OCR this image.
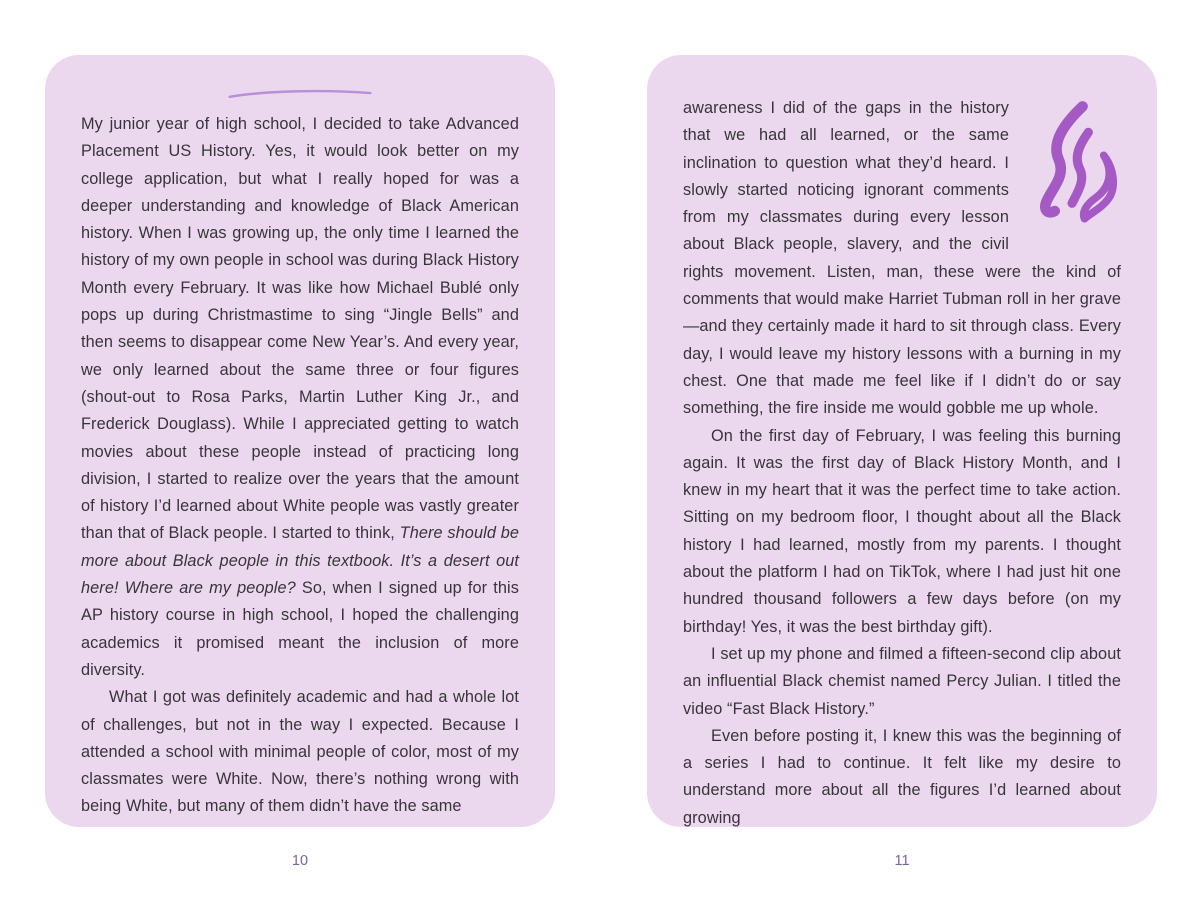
My junior year of high school, I decided to take Advanced Placement US History. Yes, it would look better on my college application, but what I really hoped for was a deeper understanding and knowledge of Black American history. When I was growing up, the only time I learned the history of my own people in school was during Black History Month every February. It was like how Michael Bublé only pops up during Christmastime to sing “Jingle Bells” and then seems to disappear come New Year’s. And every year, we only learned about the same three or four figures (shout-out to Rosa Parks, Martin Luther King Jr., and Frederick Douglass). While I appreciated getting to watch movies about these people instead of practicing long division, I started to realize over the years that the amount of history I’d learned about White people was vastly greater than that of Black people. I started to think, There should be more about Black people in this textbook. It’s a desert out here! Where are my people? So, when I signed up for this AP history course in high school, I hoped the challenging academics it promised meant the inclusion of more diversity.

What I got was definitely academic and had a whole lot of challenges, but not in the way I expected. Because I attended a school with minimal people of color, most of my classmates were White. Now, there’s nothing wrong with being White, but many of them didn’t have the same

awareness I did of the gaps in the history that we had all learned, or the same inclination to question what they’d heard. I slowly started noticing ignorant comments from my classmates during every lesson about Black people, slavery, and the civil rights movement. Listen, man, these were the kind of comments that would make Harriet Tubman roll in her grave—and they certainly made it hard to sit through class. Every day, I would leave my history lessons with a burning in my chest. One that made me feel like if I didn’t do or say something, the fire inside me would gobble me up whole.

On the first day of February, I was feeling this burning again. It was the first day of Black History Month, and I knew in my heart that it was the perfect time to take action. Sitting on my bedroom floor, I thought about all the Black history I had learned, mostly from my parents. I thought about the platform I had on TikTok, where I had just hit one hundred thousand followers a few days before (on my birthday! Yes, it was the best birthday gift).

I set up my phone and filmed a fifteen-second clip about an influential Black chemist named Percy Julian. I titled the video “Fast Black History.”

Even before posting it, I knew this was the beginning of a series I had to continue. It felt like my desire to understand more about all the figures I’d learned about growing

10	11
